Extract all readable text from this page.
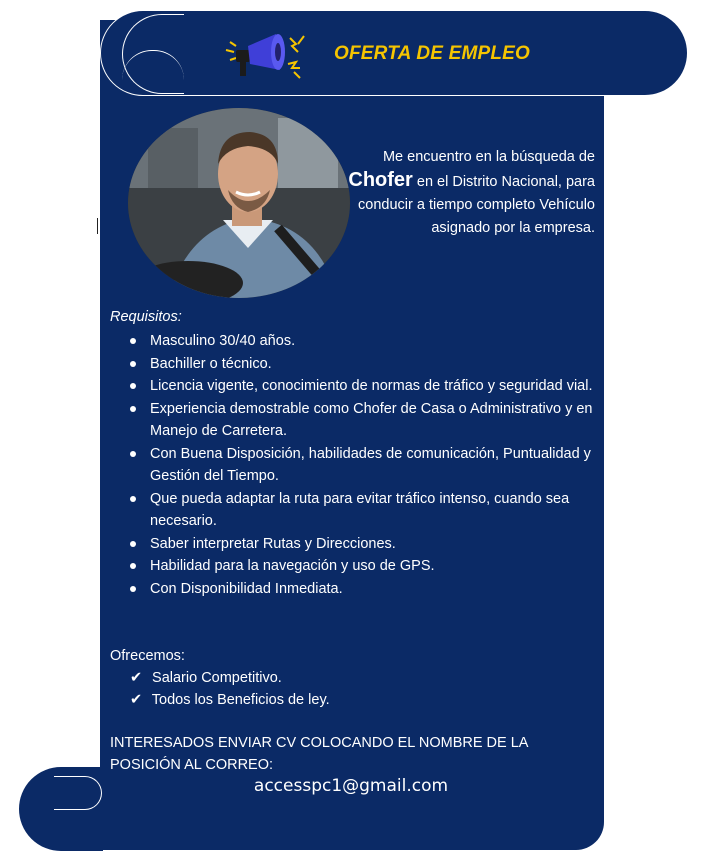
OFERTA DE EMPLEO
Me encuentro en la búsqueda de Chofer en el Distrito Nacional, para conducir a tiempo completo Vehículo asignado por la empresa.
Requisitos:
Masculino 30/40 años.
Bachiller o técnico.
Licencia vigente, conocimiento de normas de tráfico y seguridad vial.
Experiencia demostrable como Chofer de Casa o Administrativo y en Manejo de Carretera.
Con Buena Disposición, habilidades de comunicación, Puntualidad y Gestión del Tiempo.
Que pueda adaptar la ruta para evitar tráfico intenso, cuando sea necesario.
Saber interpretar Rutas y Direcciones.
Habilidad para la navegación y uso de GPS.
Con Disponibilidad Inmediata.
Ofrecemos:
✔ Salario Competitivo.
✔ Todos los Beneficios de ley.
INTERESADOS ENVIAR CV COLOCANDO EL NOMBRE DE LA POSICIÓN AL CORREO:
accesspc1@gmail.com
